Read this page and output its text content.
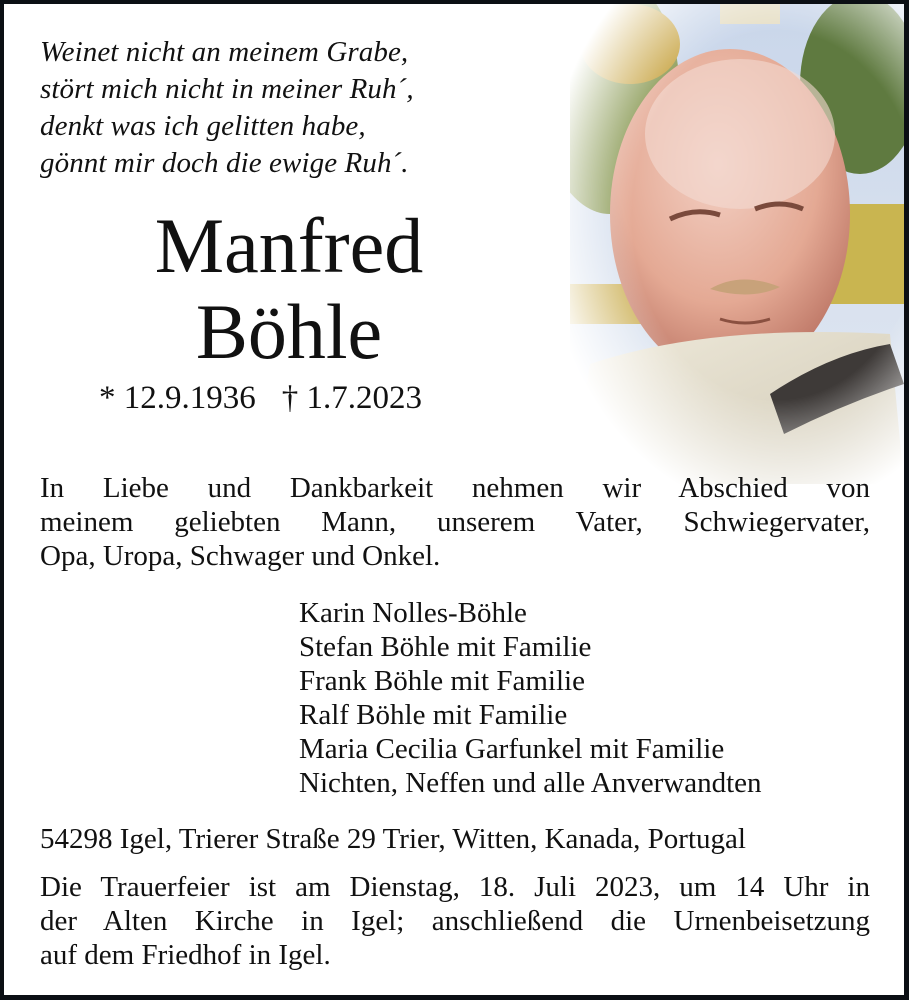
Weinet nicht an meinem Grabe,
stört mich nicht in meiner Ruh´,
denkt was ich gelitten habe,
gönnt mir doch die ewige Ruh´.
Manfred
Böhle
* 12.9.1936 † 1.7.2023
In Liebe und Dankbarkeit nehmen wir Abschied von
meinem geliebten Mann, unserem Vater, Schwiegervater,
Opa, Uropa, Schwager und Onkel.
Karin Nolles-Böhle
Stefan Böhle mit Familie
Frank Böhle mit Familie
Ralf Böhle mit Familie
Maria Cecilia Garfunkel mit Familie
Nichten, Neffen und alle Anverwandten
54298 Igel, Trierer Straße 29 Trier, Witten, Kanada, Portugal
Die Trauerfeier ist am Dienstag, 18. Juli 2023, um 14 Uhr in
der Alten Kirche in Igel; anschließend die Urnenbeisetzung
auf dem Friedhof in Igel.
